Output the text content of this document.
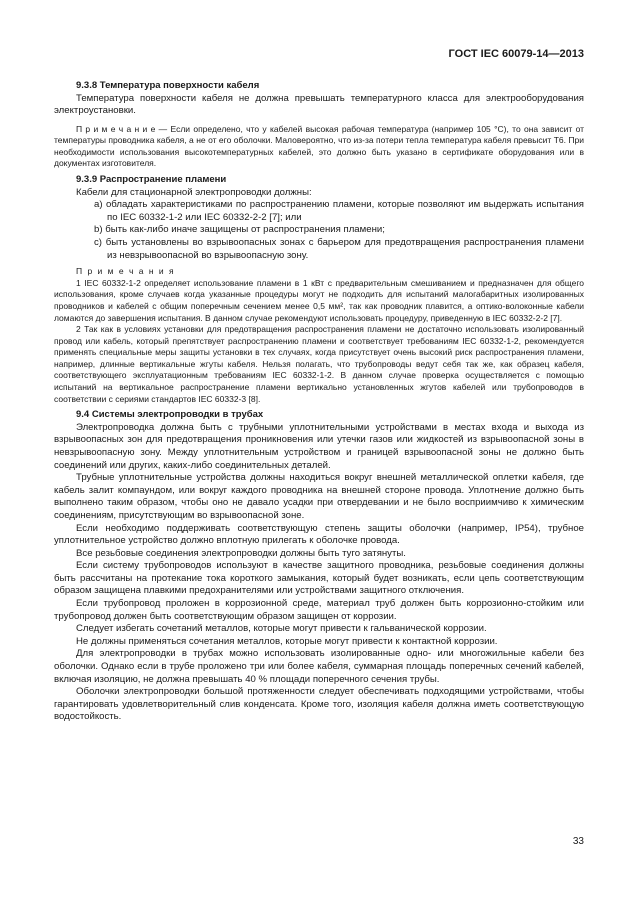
ГОСТ IEC 60079-14—2013
9.3.8 Температура поверхности кабеля

Температура поверхности кабеля не должна превышать температурного класса для электрооборудования электроустановки.

П р и м е ч а н и е — Если определено, что у кабелей высокая рабочая температура (например 105 °С), то она зависит от температуры проводника кабеля, а не от его оболочки. Маловероятно, что из-за потери тепла температура кабеля превысит Т6. При необходимости использования высокотемпературных кабелей, это должно быть указано в сертификате оборудования или в документах изготовителя.

9.3.9 Распространение пламени

Кабели для стационарной электропроводки должны:

а) обладать характеристиками по распространению пламени, которые позволяют им выдержать испытания по IEC 60332-1-2 или IEC 60332-2-2 [7]; или
b) быть как-либо иначе защищены от распространения пламени;
c) быть установлены во взрывоопасных зонах с барьером для предотвращения распространения пламени из невзрывоопасной во взрывоопасную зону.
П р и м е ч а н и я

1 IEC 60332-1-2 определяет использование пламени в 1 кВт с предварительным смешиванием и предназначен для общего использования, кроме случаев когда указанные процедуры могут не подходить для испытаний малогабаритных изолированных проводников и кабелей с общим поперечным сечением менее 0,5 мм², так как проводник плавится, а оптико-волоконные кабели ломаются до завершения испытания. В данном случае рекомендуют использовать процедуру, приведенную в IEC 60332-2-2 [7].

2 Так как в условиях установки для предотвращения распространения пламени не достаточно использовать изолированный провод или кабель, который препятствует распространению пламени и соответствует требованиям IEC 60332-1-2, рекомендуется применять специальные меры защиты установки в тех случаях, когда присутствует очень высокий риск распространения пламени, например, длинные вертикальные жгуты кабеля. Нельзя полагать, что трубопроводы ведут себя так же, как образец кабеля, соответствующего эксплуатационным требованиям IEC 60332-1-2. В данном случае проверка осуществляется с помощью испытаний на вертикальное распространение пламени вертикально установленных жгутов кабелей или трубопроводов в соответствии с сериями стандартов IEC 60332-3 [8].

9.4 Системы электропроводки в трубах

Электропроводка должна быть с трубными уплотнительными устройствами в местах входа и выхода из взрывоопасных зон для предотвращения проникновения или утечки газов или жидкостей из взрывоопасной зоны в невзрывоопасную зону. Между уплотнительным устройством и границей взрывоопасной зоны не должно быть соединений или других, каких-либо соединительных деталей.

Трубные уплотнительные устройства должны находиться вокруг внешней металлической оплетки кабеля, где кабель залит компаундом, или вокруг каждого проводника на внешней стороне провода. Уплотнение должно быть выполнено таким образом, чтобы оно не давало усадки при отвердевании и не было восприимчиво к химическим соединениям, присутствующим во взрывоопасной зоне.

Если необходимо поддерживать соответствующую степень защиты оболочки (например, IP54), трубное уплотнительное устройство должно вплотную прилегать к оболочке провода.

Все резьбовые соединения электропроводки должны быть туго затянуты.

Если систему трубопроводов используют в качестве защитного проводника, резьбовые соединения должны быть рассчитаны на протекание тока короткого замыкания, который будет возникать, если цепь соответствующим образом защищена плавкими предохранителями или устройствами защитного отключения.

Если трубопровод проложен в коррозионной среде, материал труб должен быть коррозионно-стойким или трубопровод должен быть соответствующим образом защищен от коррозии.

Следует избегать сочетаний металлов, которые могут привести к гальванической коррозии.

Не должны применяться сочетания металлов, которые могут привести к контактной коррозии.

Для электропроводки в трубах можно использовать изолированные одно- или многожильные кабели без оболочки. Однако если в трубе проложено три или более кабеля, суммарная площадь поперечных сечений кабелей, включая изоляцию, не должна превышать 40 % площади поперечного сечения трубы.

Оболочки электропроводки большой протяженности следует обеспечивать подходящими устройствами, чтобы гарантировать удовлетворительный слив конденсата. Кроме того, изоляция кабеля должна иметь соответствующую водостойкость.

33
